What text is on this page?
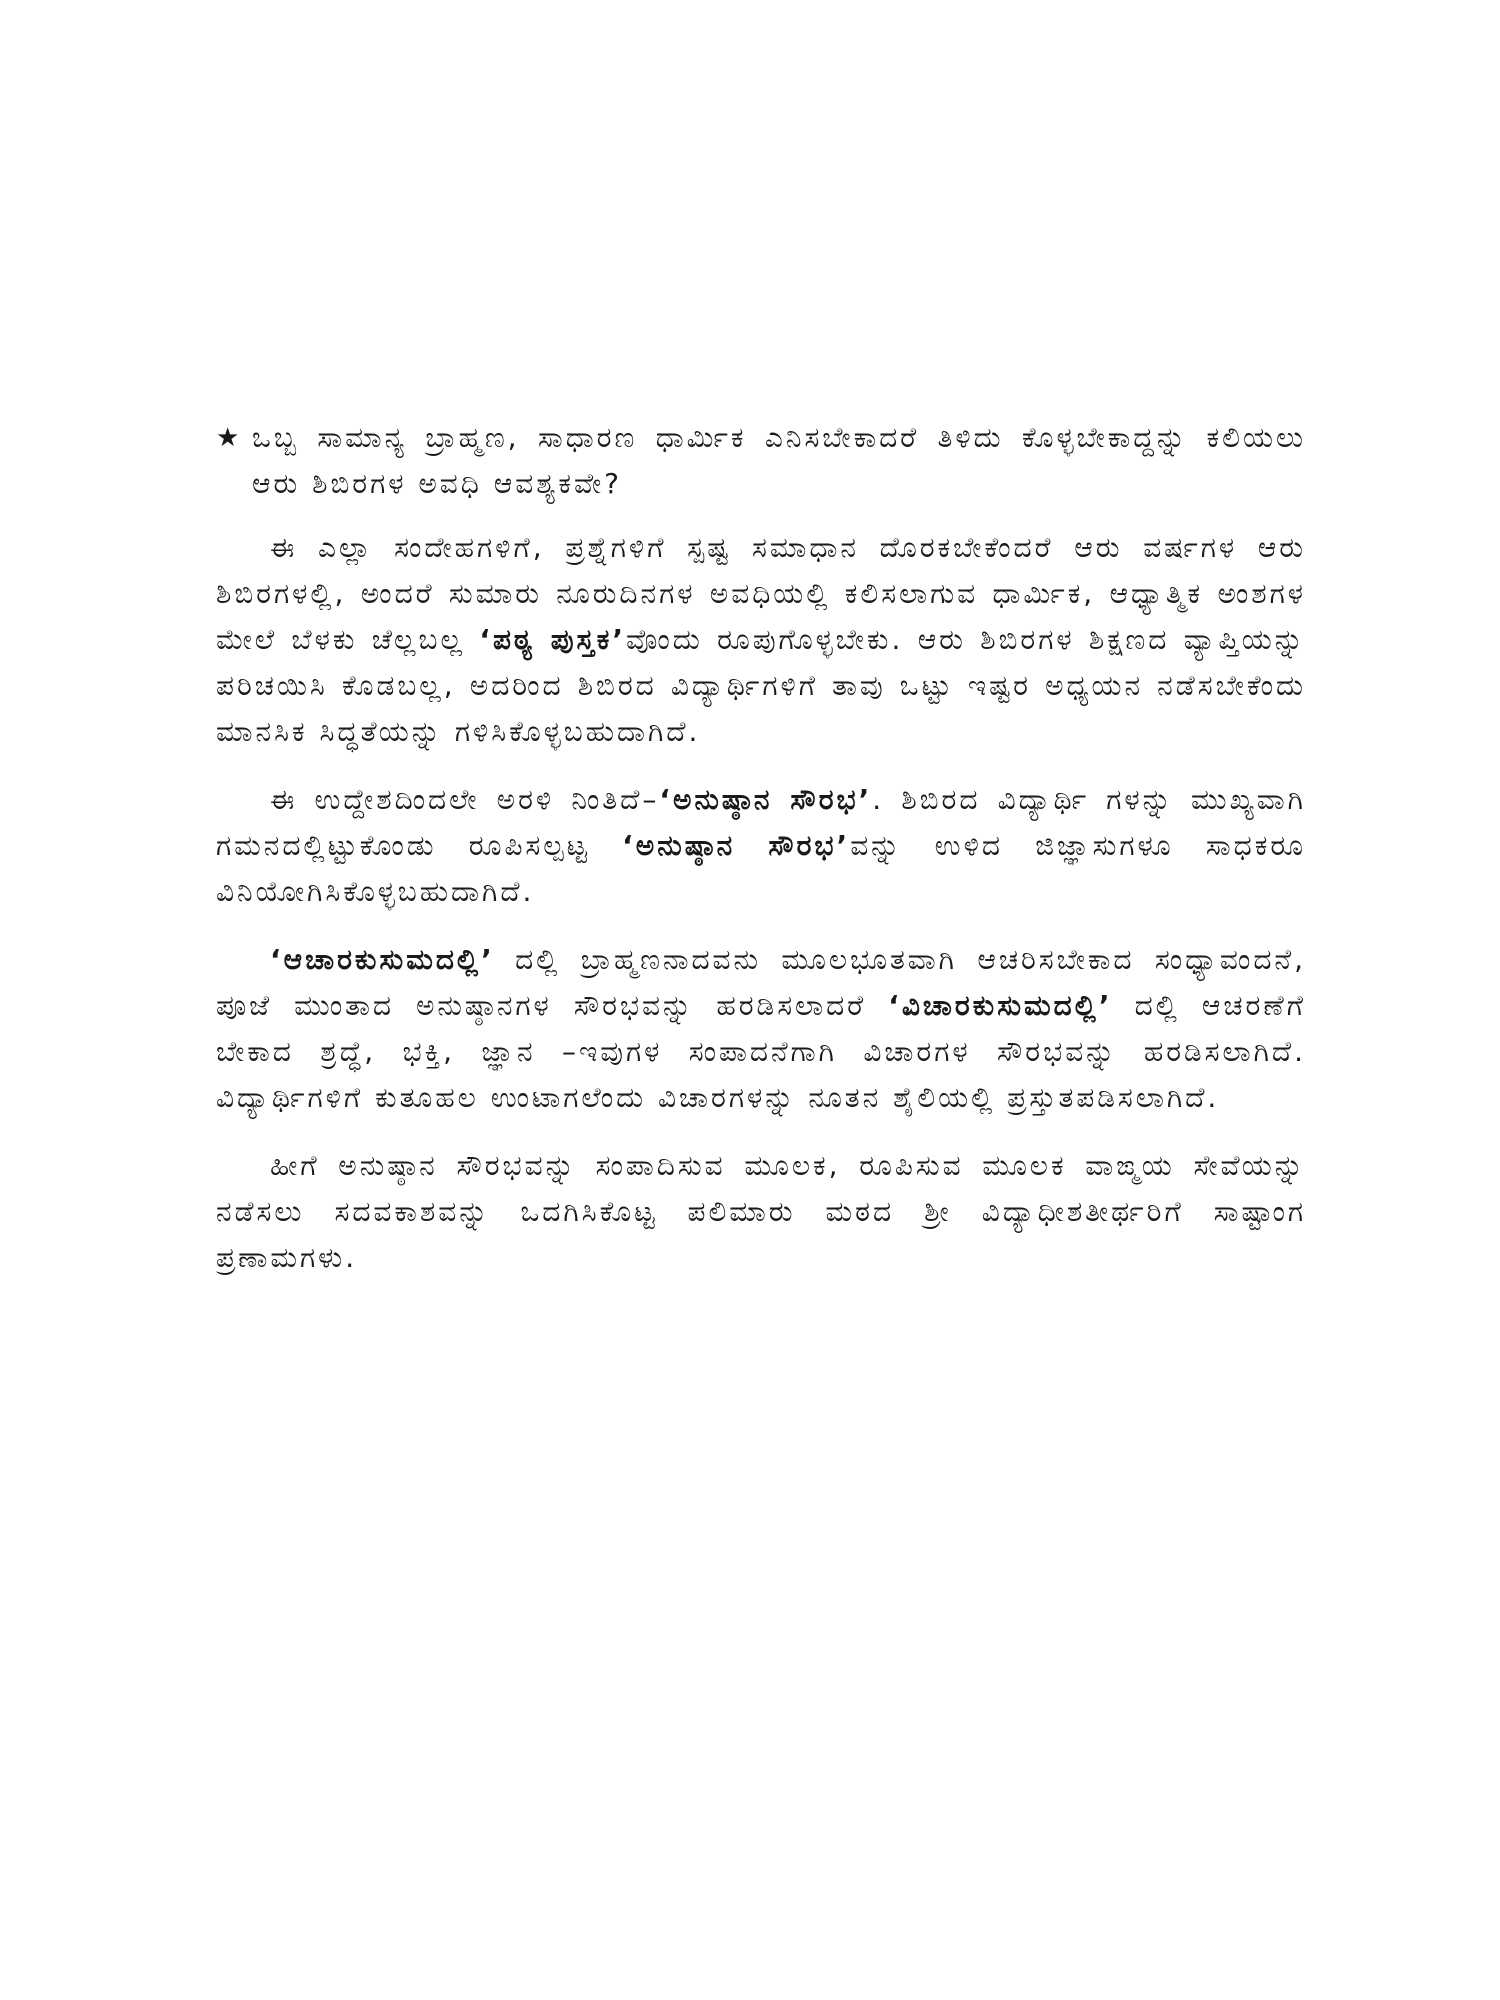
★ ಒಬ್ಬ ಸಾಮಾನ್ಯ ಬ್ರಾಹ್ಮಣ, ಸಾಧಾರಣ ಧಾರ್ಮಿಕ ಎನಿಸಬೇಕಾದರೆ ತಿಳಿದು ಕೊಳ್ಳಬೇಕಾದ್ದನ್ನು ಕಲಿಯಲು ಆರು ಶಿಬಿರಗಳ ಅವಧಿ ಆವಶ್ಯಕವೇ?

ಈ ಎಲ್ಲಾ ಸಂದೇಹಗಳಿಗೆ, ಪ್ರಶ್ನೆಗಳಿಗೆ ಸ್ಪಷ್ಟ ಸಮಾಧಾನ ದೊರಕಬೇಕೆಂದರೆ ಆರು ವರ್ಷಗಳ ಆರು ಶಿಬಿರಗಳಲ್ಲಿ, ಅಂದರೆ ಸುಮಾರು ನೂರುದಿನಗಳ ಅವಧಿಯಲ್ಲಿ ಕಲಿಸಲಾಗುವ ಧಾರ್ಮಿಕ, ಆಧ್ಯಾತ್ಮಿಕ ಅಂಶಗಳ ಮೇಲೆ ಬೆಳಕು ಚೆಲ್ಲಬಲ್ಲ ‘ಪಠ್ಯ ಪುಸ್ತಕ’ವೊಂದು ರೂಪುಗೊಳ್ಳಬೇಕು. ಆರು ಶಿಬಿರಗಳ ಶಿಕ್ಷಣದ ವ್ಯಾಪ್ತಿಯನ್ನು ಪರಿಚಯಿಸಿ ಕೊಡಬಲ್ಲ, ಅದರಿಂದ ಶಿಬಿರದ ವಿದ್ಯಾರ್ಥಿಗಳಿಗೆ ತಾವು ಒಟ್ಟು ಇಷ್ಟರ ಅಧ್ಯಯನ ನಡೆಸಬೇಕೆಂದು ಮಾನಸಿಕ ಸಿದ್ಧತೆಯನ್ನು ಗಳಿಸಿಕೊಳ್ಳಬಹುದಾಗಿದೆ.

ಈ ಉದ್ದೇಶದಿಂದಲೇ ಅರಳಿ ನಿಂತಿದೆ–‘ಅನುಷ್ಠಾನ ಸೌರಭ’. ಶಿಬಿರದ ವಿದ್ಯಾರ್ಥಿ ಗಳನ್ನು ಮುಖ್ಯವಾಗಿ ಗಮನದಲ್ಲಿಟ್ಟುಕೊಂಡು ರೂಪಿಸಲ್ಪಟ್ಟ ‘ಅನುಷ್ಠಾನ ಸೌರಭ’ವನ್ನು ಉಳಿದ ಜಿಜ್ಞಾಸುಗಳೂ ಸಾಧಕರೂ ವಿನಿಯೋಗಿಸಿಕೊಳ್ಳಬಹುದಾಗಿದೆ.

‘ಆಚಾರಕುಸುಮದಲ್ಲಿ’ ದಲ್ಲಿ ಬ್ರಾಹ್ಮಣನಾದವನು ಮೂಲಭೂತವಾಗಿ ಆಚರಿಸಬೇಕಾದ ಸಂಧ್ಯಾವಂದನೆ, ಪೂಜೆ ಮುಂತಾದ ಅನುಷ್ಠಾನಗಳ ಸೌರಭವನ್ನು ಹರಡಿಸಲಾದರೆ ‘ವಿಚಾರಕುಸುಮದಲ್ಲಿ’ ದಲ್ಲಿ ಆಚರಣೆಗೆ ಬೇಕಾದ ಶ್ರದ್ಧೆ, ಭಕ್ತಿ, ಜ್ಞಾನ –ಇವುಗಳ ಸಂಪಾದನೆಗಾಗಿ ವಿಚಾರಗಳ ಸೌರಭವನ್ನು ಹರಡಿಸಲಾಗಿದೆ. ವಿದ್ಯಾರ್ಥಿಗಳಿಗೆ ಕುತೂಹಲ ಉಂಟಾಗಲೆಂದು ವಿಚಾರಗಳನ್ನು ನೂತನ ಶೈಲಿಯಲ್ಲಿ ಪ್ರಸ್ತುತಪಡಿಸಲಾಗಿದೆ.

ಹೀಗೆ ಅನುಷ್ಠಾನ ಸೌರಭವನ್ನು ಸಂಪಾದಿಸುವ ಮೂಲಕ, ರೂಪಿಸುವ ಮೂಲಕ ವಾಙ್ಮಯ ಸೇವೆಯನ್ನು ನಡೆಸಲು ಸದವಕಾಶವನ್ನು ಒದಗಿಸಿಕೊಟ್ಟ ಪಲಿಮಾರು ಮಠದ ಶ್ರೀ ವಿದ್ಯಾಧೀಶತೀರ್ಥರಿಗೆ ಸಾಷ್ಟಾಂಗ ಪ್ರಣಾಮಗಳು.
